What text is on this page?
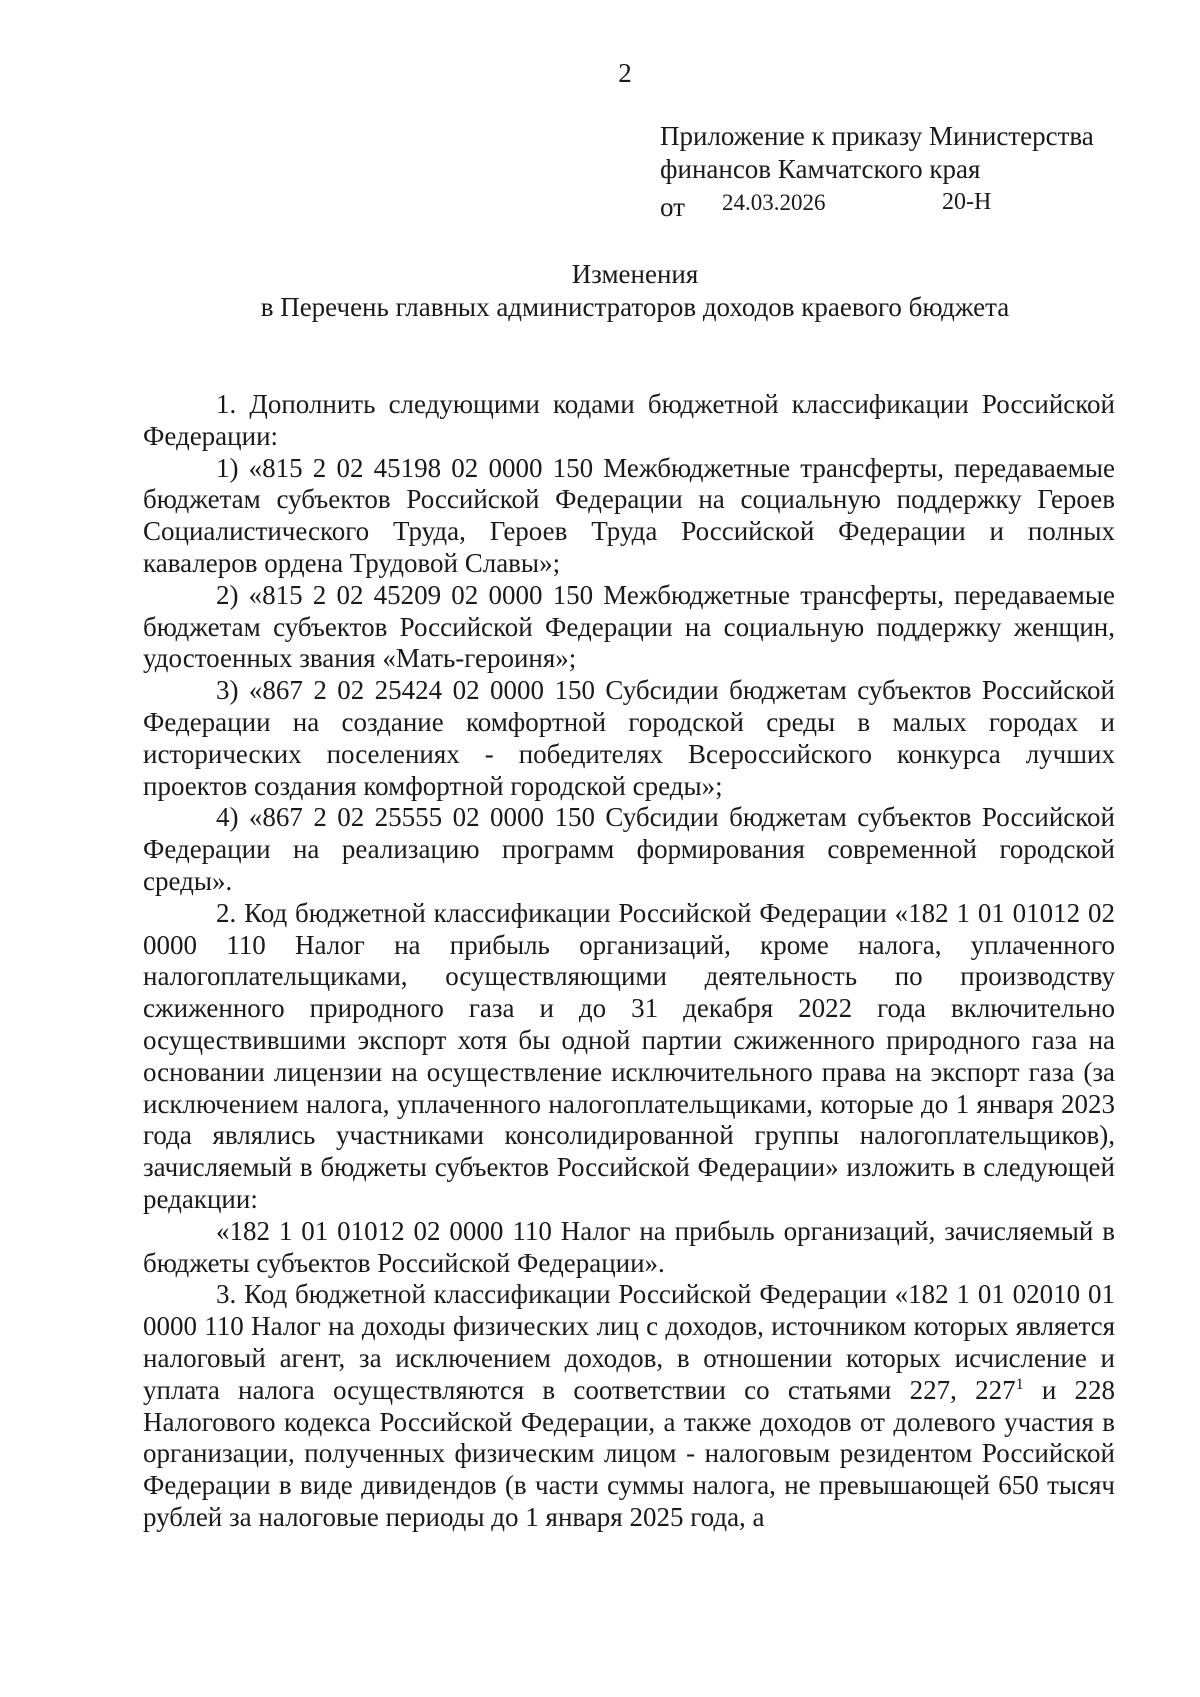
2
Приложение к приказу Министерства
финансов Камчатского края
от 24.03.2026	20-Н
Изменения
в Перечень главных администраторов доходов краевого бюджета

1. Дополнить следующими кодами бюджетной классификации Российской Федерации:

1) «815 2 02 45198 02 0000 150 Межбюджетные трансферты, передаваемые бюджетам субъектов Российской Федерации на социальную поддержку Героев Социалистического Труда, Героев Труда Российской Федерации и полных кавалеров ордена Трудовой Славы»;

2) «815 2 02 45209 02 0000 150 Межбюджетные трансферты, передаваемые бюджетам субъектов Российской Федерации на социальную поддержку женщин, удостоенных звания «Мать-героиня»;

3) «867 2 02 25424 02 0000 150 Субсидии бюджетам субъектов Российской Федерации на создание комфортной городской среды в малых городах и исторических поселениях - победителях Всероссийского конкурса лучших проектов создания комфортной городской среды»;

4) «867 2 02 25555 02 0000 150 Субсидии бюджетам субъектов Российской Федерации на реализацию программ формирования современной городской среды».

2. Код бюджетной классификации Российской Федерации «182 1 01 01012 02 0000 110 Налог на прибыль организаций, кроме налога, уплаченного налогоплательщиками, осуществляющими деятельность по производству сжиженного природного газа и до 31 декабря 2022 года включительно осуществившими экспорт хотя бы одной партии сжиженного природного газа на основании лицензии на осуществление исключительного права на экспорт газа (за исключением налога, уплаченного налогоплательщиками, которые до 1 января 2023 года являлись участниками консолидированной группы налогоплательщиков), зачисляемый в бюджеты субъектов Российской Федерации» изложить в следующей редакции:

«182 1 01 01012 02 0000 110 Налог на прибыль организаций, зачисляемый в бюджеты субъектов Российской Федерации».

3. Код бюджетной классификации Российской Федерации «182 1 01 02010 01 0000 110 Налог на доходы физических лиц с доходов, источником которых является налоговый агент, за исключением доходов, в отношении которых исчисление и уплата налога осуществляются в соответствии со статьями 227, $227^1$ и 228 Налогового кодекса Российской Федерации, а также доходов от долевого участия в организации, полученных физическим лицом - налоговым резидентом Российской Федерации в виде дивидендов (в части суммы налога, не превышающей 650 тысяч рублей за налоговые периоды до 1 января 2025 года, а
